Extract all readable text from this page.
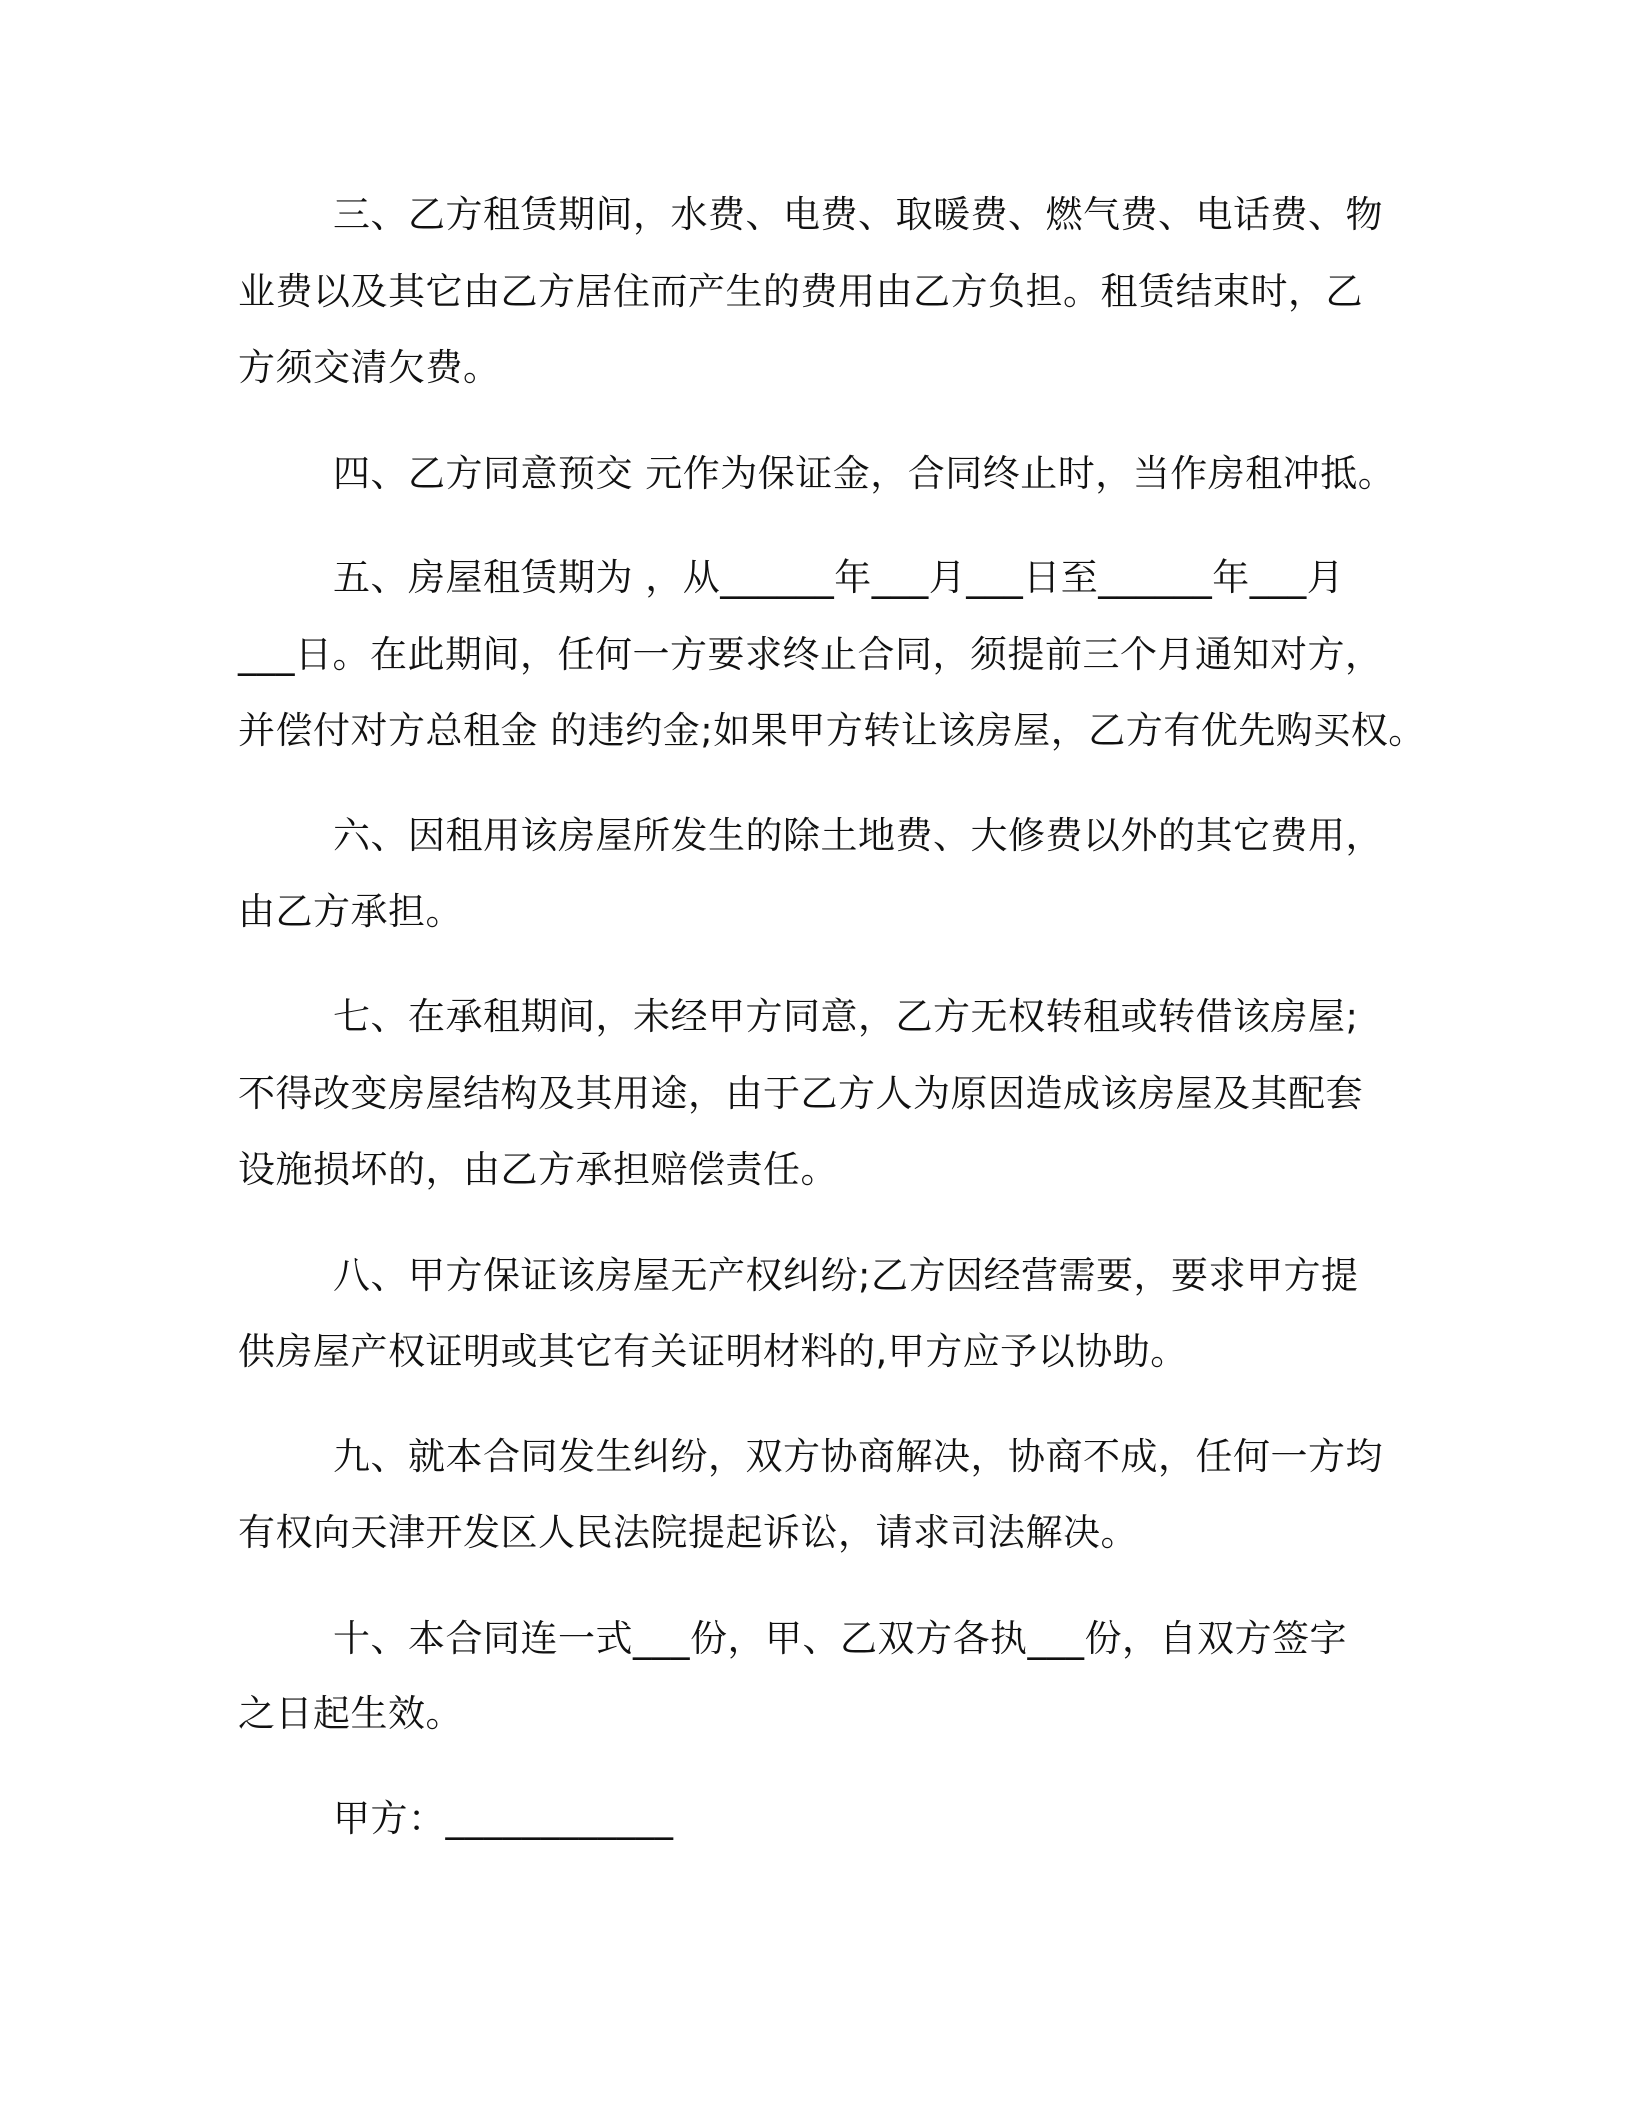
三、乙方租赁期间，水费、电费、取暖费、燃气费、电话费、物
业费以及其它由乙方居住而产生的费用由乙方负担。租赁结束时，乙
方须交清欠费。
四、乙方同意预交 元作为保证金，合同终止时，当作房租冲抵。
五、房屋租赁期为 ，从______年___月___日至______年___月
___日。在此期间，任何一方要求终止合同，须提前三个月通知对方，
并偿付对方总租金 的违约金;如果甲方转让该房屋，乙方有优先购买权。
六、因租用该房屋所发生的除土地费、大修费以外的其它费用，
由乙方承担。
七、在承租期间，未经甲方同意，乙方无权转租或转借该房屋;
不得改变房屋结构及其用途，由于乙方人为原因造成该房屋及其配套
设施损坏的，由乙方承担赔偿责任。
八、甲方保证该房屋无产权纠纷;乙方因经营需要，要求甲方提
供房屋产权证明或其它有关证明材料的,甲方应予以协助。
九、就本合同发生纠纷，双方协商解决，协商不成，任何一方均
有权向天津开发区人民法院提起诉讼，请求司法解决。
十、本合同连一式___份，甲、乙双方各执___份，自双方签字
之日起生效。
甲方：____________
